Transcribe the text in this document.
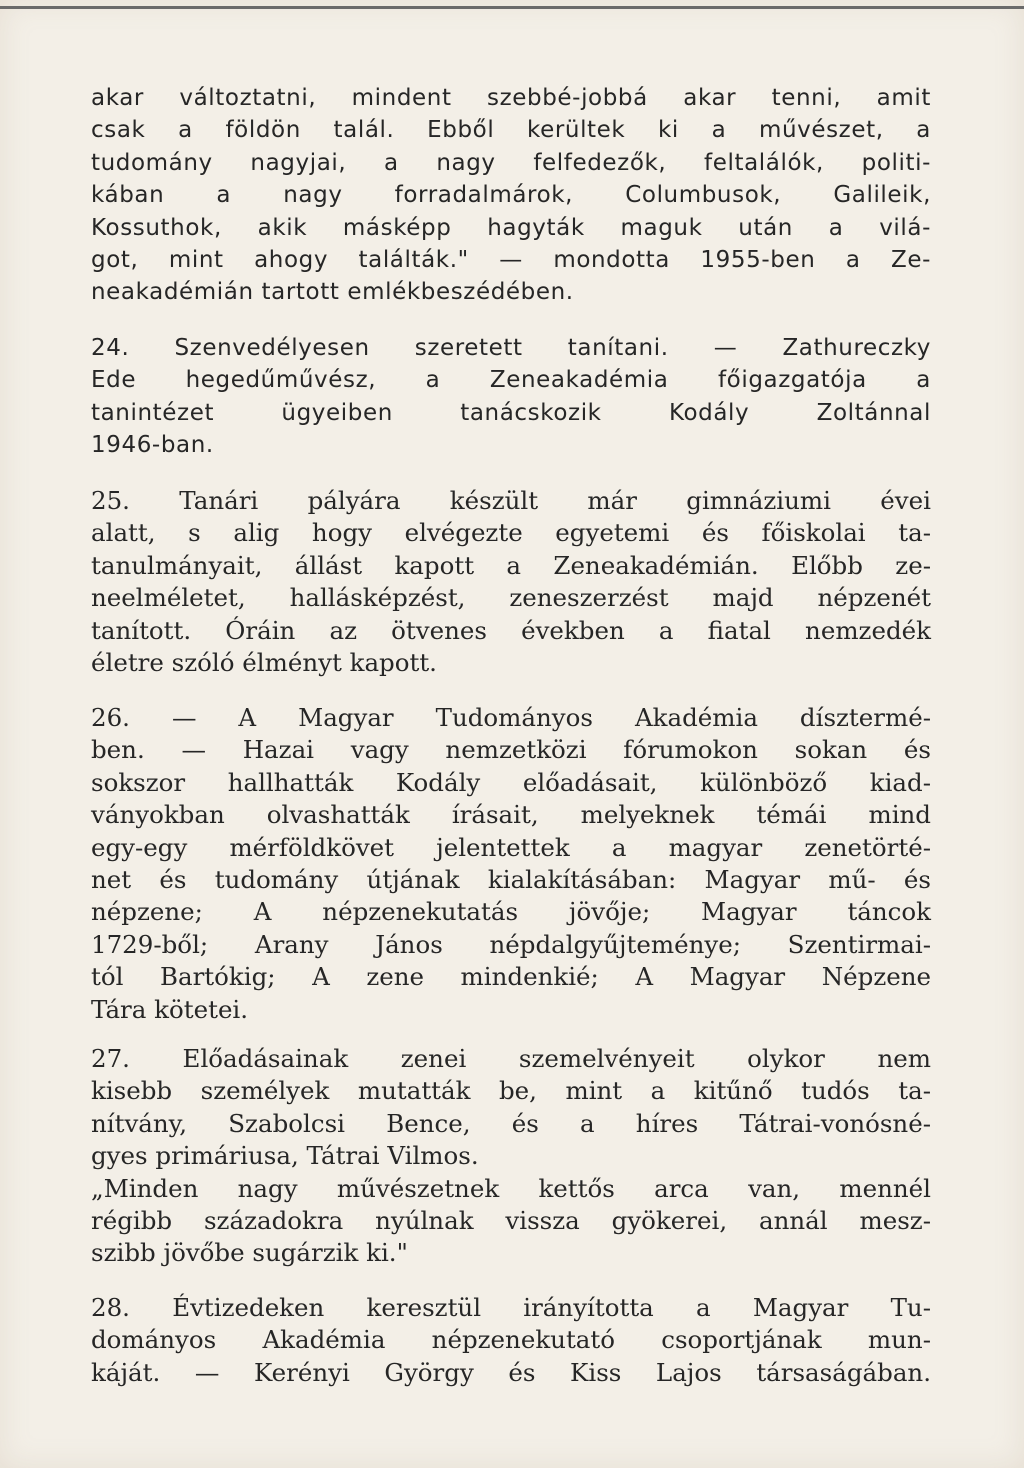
akar változtatni, mindent szebbé-jobbá akar tenni, amit
csak a földön talál. Ebből kerültek ki a művészet, a
tudomány nagyjai, a nagy felfedezők, feltalálók, politi-
kában a nagy forradalmárok, Columbusok, Galileik,
Kossuthok, akik másképp hagyták maguk után a vilá-
got, mint ahogy találták." — mondotta 1955-ben a Ze-
neakadémián tartott emlékbeszédében.
24. Szenvedélyesen szeretett tanítani. — Zathureczky
Ede hegedűművész, a Zeneakadémia főigazgatója a
tanintézet ügyeiben tanácskozik Kodály Zoltánnal
1946-ban.
25. Tanári pályára készült már gimnáziumi évei
alatt, s alig hogy elvégezte egyetemi és főiskolai ta-
tanulmányait, állást kapott a Zeneakadémián. Előbb ze-
neelméletet, hallásképzést, zeneszerzést majd népzenét
tanított. Óráin az ötvenes években a fiatal nemzedék
életre szóló élményt kapott.
26. — A Magyar Tudományos Akadémia dísztermé-
ben. — Hazai vagy nemzetközi fórumokon sokan és
sokszor hallhatták Kodály előadásait, különböző kiad-
ványokban olvashatták írásait, melyeknek témái mind
egy-egy mérföldkövet jelentettek a magyar zenetörté-
net és tudomány útjának kialakításában: Magyar mű- és
népzene; A népzenekutatás jövője; Magyar táncok
1729-ből; Arany János népdalgyűjteménye; Szentirmai-
tól Bartókig; A zene mindenkié; A Magyar Népzene
Tára kötetei.
27. Előadásainak zenei szemelvényeit olykor nem
kisebb személyek mutatták be, mint a kitűnő tudós ta-
nítvány, Szabolcsi Bence, és a híres Tátrai-vonósné-
gyes primáriusa, Tátrai Vilmos.
„Minden nagy művészetnek kettős arca van, mennél
régibb századokra nyúlnak vissza gyökerei, annál mesz-
szibb jövőbe sugárzik ki."
28. Évtizedeken keresztül irányította a Magyar Tu-
dományos Akadémia népzenekutató csoportjának mun-
káját. — Kerényi György és Kiss Lajos társaságában.
